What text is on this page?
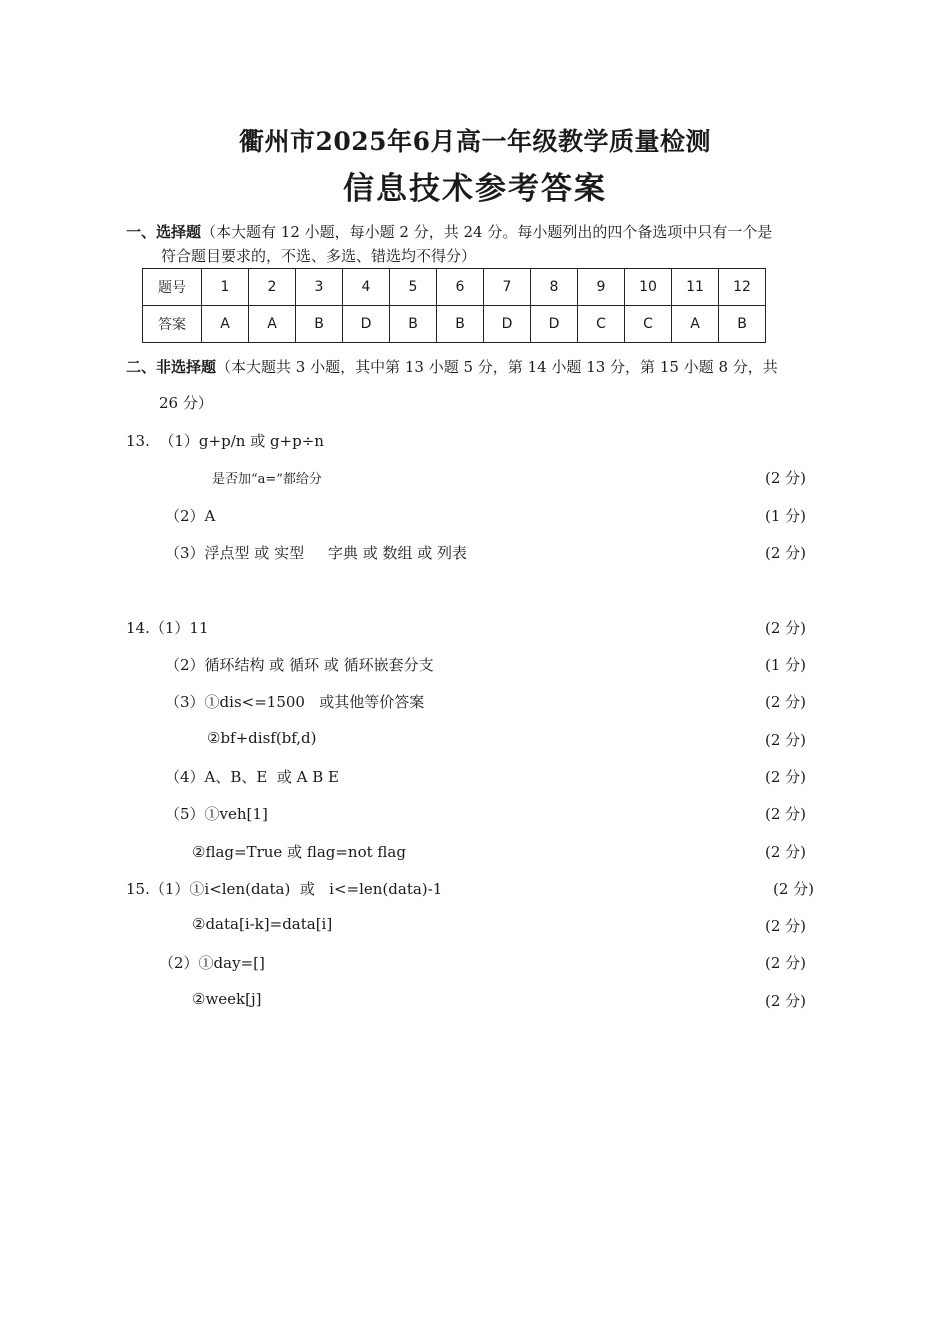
衢州市2025年6月高一年级教学质量检测
信息技术参考答案
一、选择题（本大题有 12 小题，每小题 2 分，共 24 分。每小题列出的四个备选项中只有一个是
符合题目要求的，不选、多选、错选均不得分）
题号	1	2	3	4	5	6	7	8	9	10	11	12
答案	A	A	B	D	B	B	D	D	C	C	A	B
二、非选择题（本大题共 3 小题，其中第 13 小题 5 分，第 14 小题 13 分，第 15 小题 8 分，共
26 分）
13.  （1）g+p/n 或 g+p÷n
是否加“a=”都给分	(2 分)
（2）A	(1 分)
（3）浮点型 或 实型     字典 或 数组 或 列表	(2 分)
14.（1）11	(2 分)
（2）循环结构 或 循环 或 循环嵌套分支	(1 分)
（3）①dis<=1500   或其他等价答案	(2 分)
②bf+disf(bf,d)	(2 分)
（4）A、B、E  或 A B E	(2 分)
（5）①veh[1]	(2 分)
②flag=True 或 flag=not flag	(2 分)
15.（1）①i<len(data)  或   i<=len(data)-1	(2 分)
②data[i-k]=data[i]	(2 分)
（2）①day=[]	(2 分)
②week[j]	(2 分)
